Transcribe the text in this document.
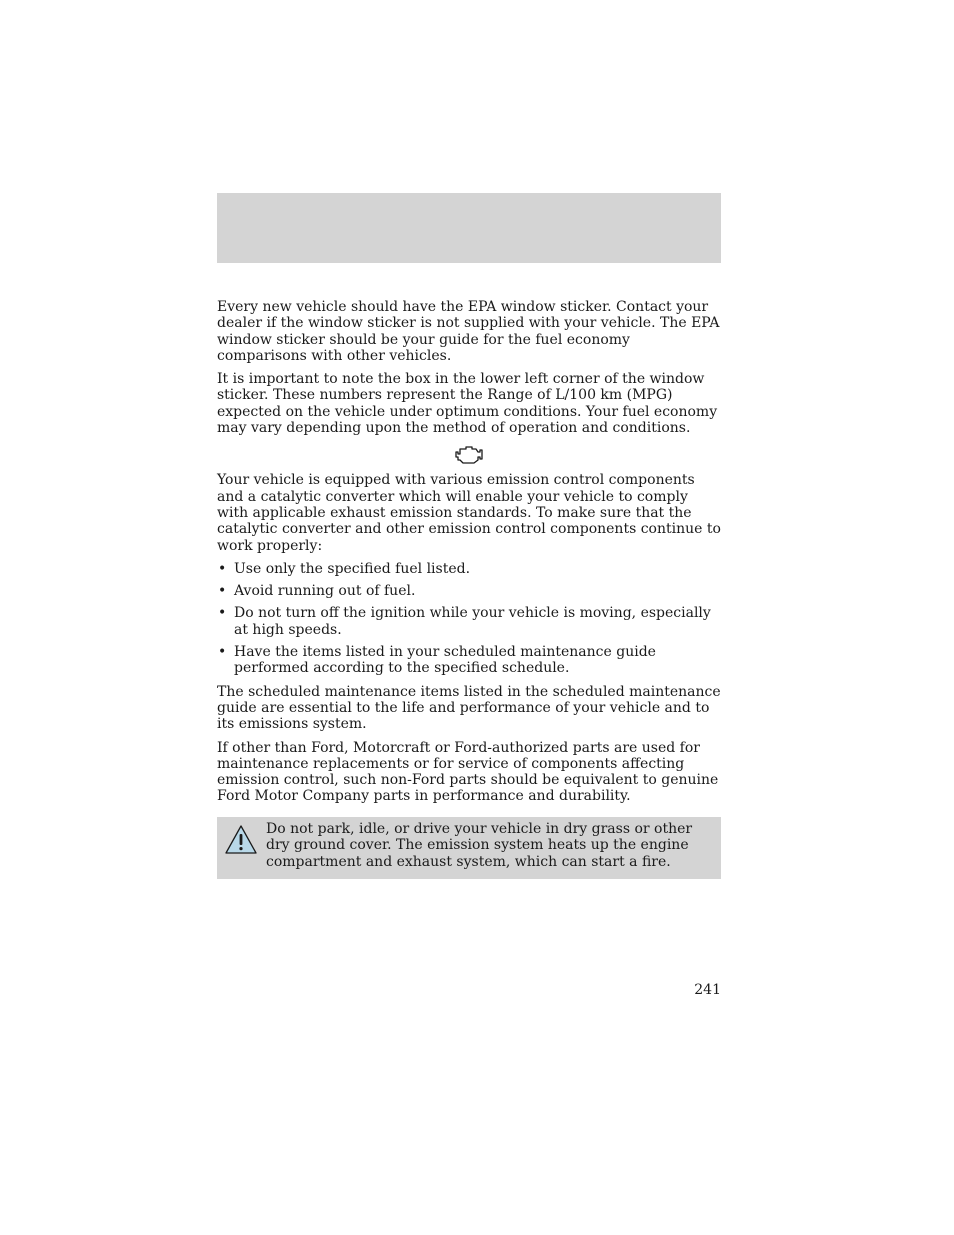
Every new vehicle should have the EPA window sticker. Contact your dealer if the window sticker is not supplied with your vehicle. The EPA window sticker should be your guide for the fuel economy comparisons with other vehicles.

It is important to note the box in the lower left corner of the window sticker. These numbers represent the Range of L/100 km (MPG) expected on the vehicle under optimum conditions. Your fuel economy may vary depending upon the method of operation and conditions.

Your vehicle is equipped with various emission control components and a catalytic converter which will enable your vehicle to comply with applicable exhaust emission standards. To make sure that the catalytic converter and other emission control components continue to work properly:

• Use only the specified fuel listed.
• Avoid running out of fuel.
• Do not turn off the ignition while your vehicle is moving, especially at high speeds.
• Have the items listed in your scheduled maintenance guide performed according to the specified schedule.

The scheduled maintenance items listed in the scheduled maintenance guide are essential to the life and performance of your vehicle and to its emissions system.

If other than Ford, Motorcraft or Ford-authorized parts are used for maintenance replacements or for service of components affecting emission control, such non-Ford parts should be equivalent to genuine Ford Motor Company parts in performance and durability.

Do not park, idle, or drive your vehicle in dry grass or other dry ground cover. The emission system heats up the engine compartment and exhaust system, which can start a fire.
241
